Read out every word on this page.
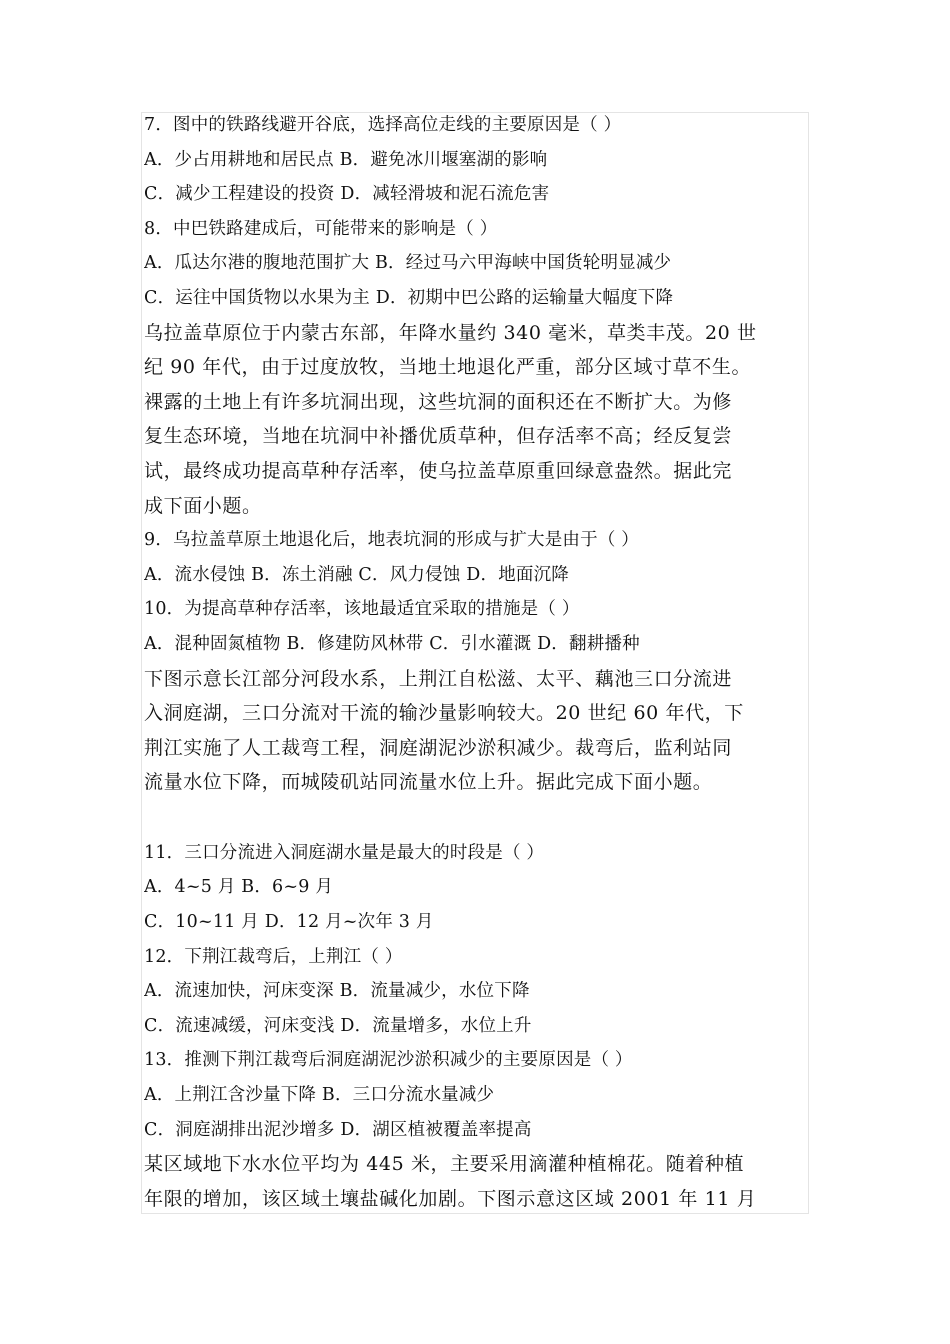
7．图中的铁路线避开谷底，选择高位走线的主要原因是（ ）
A．少占用耕地和居民点 B．避免冰川堰塞湖的影响
C．减少工程建设的投资 D．减轻滑坡和泥石流危害
8．中巴铁路建成后，可能带来的影响是（ ）
A．瓜达尔港的腹地范围扩大 B．经过马六甲海峡中国货轮明显减少
C．运往中国货物以水果为主 D．初期中巴公路的运输量大幅度下降
乌拉盖草原位于内蒙古东部，年降水量约 340 毫米，草类丰茂。20 世
纪 90 年代，由于过度放牧，当地土地退化严重，部分区域寸草不生。
裸露的土地上有许多坑洞出现，这些坑洞的面积还在不断扩大。为修
复生态环境，当地在坑洞中补播优质草种，但存活率不高；经反复尝
试，最终成功提高草种存活率，使乌拉盖草原重回绿意盎然。据此完
成下面小题。
9．乌拉盖草原土地退化后，地表坑洞的形成与扩大是由于（ ）
A．流水侵蚀 B．冻土消融 C．风力侵蚀 D．地面沉降
10．为提高草种存活率，该地最适宜采取的措施是（ ）
A．混种固氮植物 B．修建防风林带 C．引水灌溉 D．翻耕播种
下图示意长江部分河段水系，上荆江自松滋、太平、藕池三口分流进
入洞庭湖，三口分流对干流的输沙量影响较大。20 世纪 60 年代，下
荆江实施了人工裁弯工程，洞庭湖泥沙淤积减少。裁弯后，监利站同
流量水位下降，而城陵矶站同流量水位上升。据此完成下面小题。
11．三口分流进入洞庭湖水量是最大的时段是（ ）
A．4~5 月 B．6~9 月
C．10~11 月 D．12 月~次年 3 月
12．下荆江裁弯后，上荆江（ ）
A．流速加快，河床变深 B．流量减少，水位下降
C．流速减缓，河床变浅 D．流量增多，水位上升
13．推测下荆江裁弯后洞庭湖泥沙淤积减少的主要原因是（ ）
A．上荆江含沙量下降 B．三口分流水量减少
C．洞庭湖排出泥沙增多 D．湖区植被覆盖率提高
某区域地下水水位平均为 445 米，主要采用滴灌种植棉花。随着种植
年限的增加，该区域土壤盐碱化加剧。下图示意这区域 2001 年 11 月
